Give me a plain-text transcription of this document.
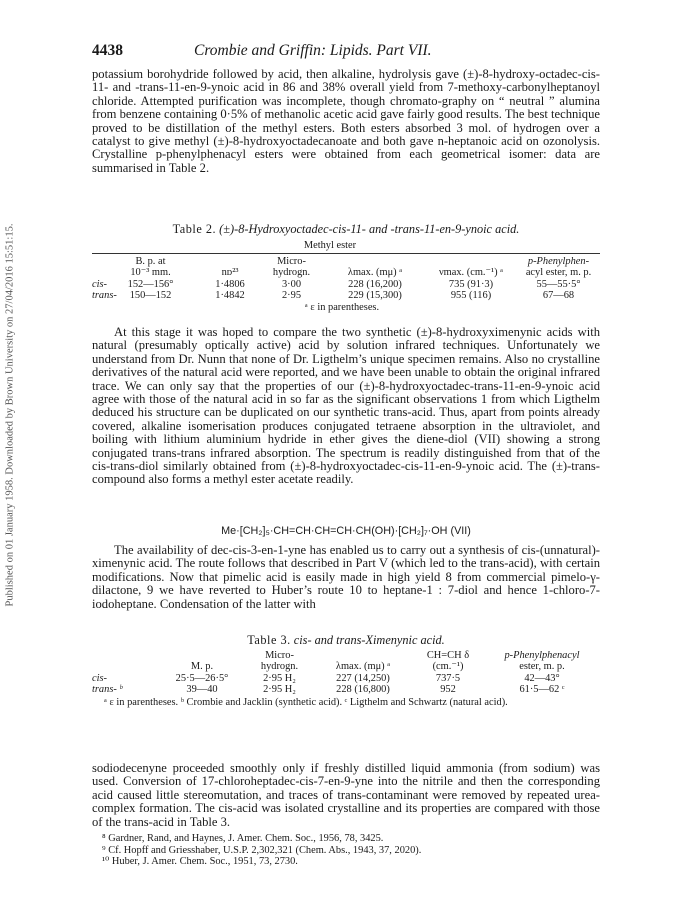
Published on 01 January 1958. Downloaded by Brown University on 27/04/2016 15:51:15.
4438	Crombie and Griffin: Lipids. Part VII.
potassium borohydride followed by acid, then alkaline, hydrolysis gave (±)-8-hydroxy-octadec-cis-11- and -trans-11-en-9-ynoic acid in 86 and 38% overall yield from 7-methoxy-carbonylheptanoyl chloride. Attempted purification was incomplete, though chromato-graphy on “ neutral ” alumina from benzene containing 0·5% of methanolic acetic acid gave fairly good results. The best technique proved to be distillation of the methyl esters. Both esters absorbed 3 mol. of hydrogen over a catalyst to give methyl (±)-8-hydroxyoctadecanoate and both gave n-heptanoic acid on ozonolysis. Crystalline p-phenylphenacyl esters were obtained from each geometrical isomer: data are summarised in Table 2.
Table 2. (±)-8-Hydroxyoctadec-cis-11- and -trans-11-en-9-ynoic acid.
Methyl ester
B. p. at
10⁻³ mm.	nᴅ²³
Micro-
hydrogn.	λmax. (mμ) ᵃ	νmax. (cm.⁻¹) ᵃ
p-Phenylphen-
acyl ester, m. p.
cis-	152—156°	1·4806	3·00	228 (16,200)	735 (91·3)	55—55·5°
trans-	150—152	1·4842	2·95	229 (15,300)	955 (116)	67—68
ᵃ ε in parentheses.
At this stage it was hoped to compare the two synthetic (±)-8-hydroxyximenynic acids with natural (presumably optically active) acid by solution infrared techniques. Unfortunately we understand from Dr. Nunn that none of Dr. Ligthelm’s unique specimen remains. Also no crystalline derivatives of the natural acid were reported, and we have been unable to obtain the original infrared trace. We can only say that the properties of our (±)-8-hydroxyoctadec-trans-11-en-9-ynoic acid agree with those of the natural acid in so far as the significant observations 1 from which Ligthelm deduced his structure can be duplicated on our synthetic trans-acid. Thus, apart from points already covered, alkaline isomerisation produces conjugated tetraene absorption in the ultraviolet, and boiling with lithium aluminium hydride in ether gives the diene-diol (VII) showing a strong conjugated trans-trans infrared absorption. The spectrum is readily distinguished from that of the cis-trans-diol similarly obtained from (±)-8-hydroxyoctadec-cis-11-en-9-ynoic acid. The (±)-trans-compound also forms a methyl ester acetate readily.
Me·[CH₂]₅·CH=CH·CH=CH·CH(OH)·[CH₂]₇·OH (VII)
The availability of dec-cis-3-en-1-yne has enabled us to carry out a synthesis of cis-(unnatural)-ximenynic acid. The route follows that described in Part V (which led to the trans-acid), with certain modifications. Now that pimelic acid is easily made in high yield 8 from commercial pimelo-γ-dilactone, 9 we have reverted to Huber’s route 10 to heptane-1 : 7-diol and hence 1-chloro-7-iodoheptane. Condensation of the latter with
Table 3. cis- and trans-Ximenynic acid.
M. p.
Micro-
hydrogn.	λmax. (mμ) ᵃ
CH=CH δ
(cm.⁻¹)
p-Phenylphenacyl
ester, m. p.
cis-	25·5—26·5°	2·95 H₂	227 (14,250)	737·5	42—43°
trans- ᵇ	39—40	2·95 H₂	228 (16,800)	952	61·5—62 ᶜ
ᵃ ε in parentheses. ᵇ Crombie and Jacklin (synthetic acid). ᶜ Ligthelm and Schwartz (natural acid).
sodiodecenyne proceeded smoothly only if freshly distilled liquid ammonia (from sodium) was used. Conversion of 17-chloroheptadec-cis-7-en-9-yne into the nitrile and then the corresponding acid caused little stereomutation, and traces of trans-contaminant were removed by repeated urea-complex formation. The cis-acid was isolated crystalline and its properties are compared with those of the trans-acid in Table 3.
⁸ Gardner, Rand, and Haynes, J. Amer. Chem. Soc., 1956, 78, 3425.
⁹ Cf. Hopff and Griesshaber, U.S.P. 2,302,321 (Chem. Abs., 1943, 37, 2020).
¹⁰ Huber, J. Amer. Chem. Soc., 1951, 73, 2730.
